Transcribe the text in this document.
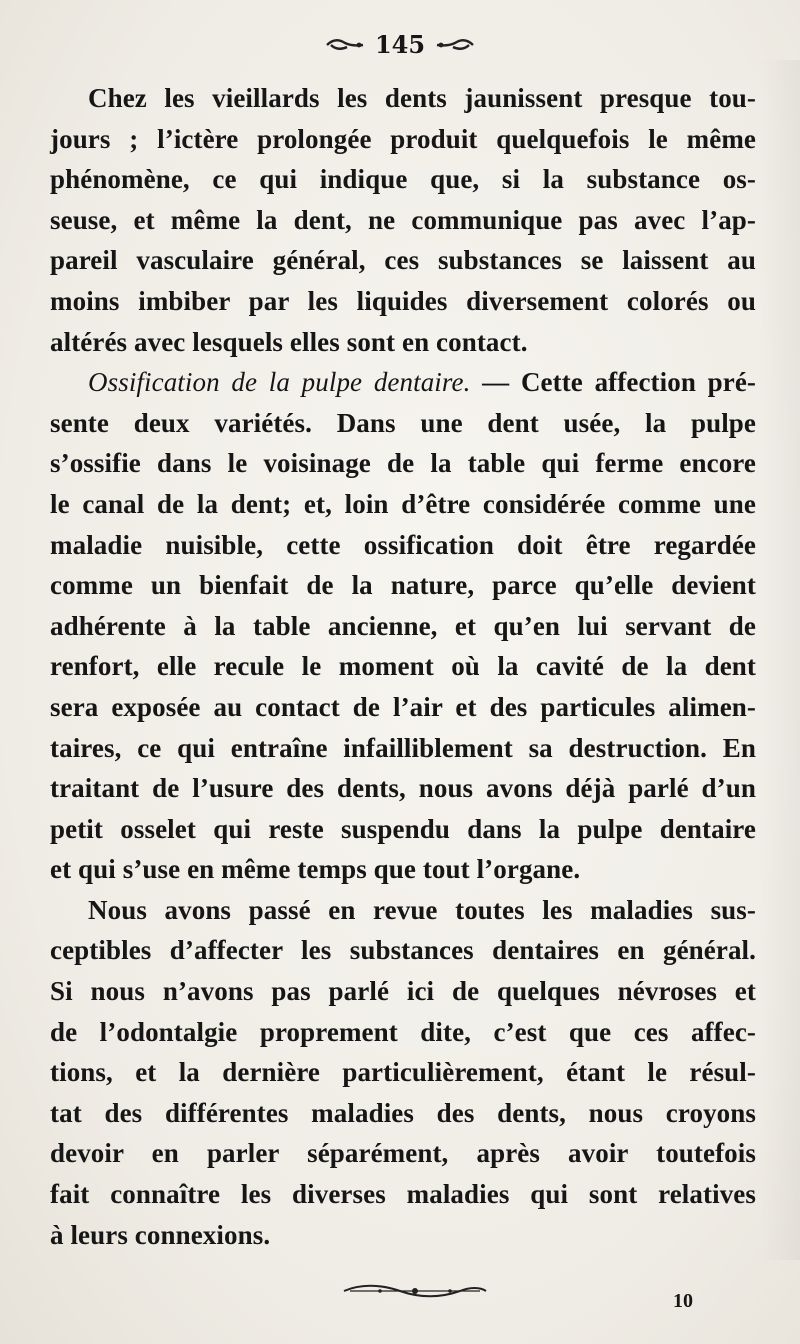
145
Chez les vieillards les dents jaunissent presque tou-
jours ; l’ictère prolongée produit quelquefois le même
phénomène, ce qui indique que, si la substance os-
seuse, et même la dent, ne communique pas avec l’ap-
pareil vasculaire général, ces substances se laissent au
moins imbiber par les liquides diversement colorés ou
altérés avec lesquels elles sont en contact.
Ossification de la pulpe dentaire. — Cette affection pré-
sente deux variétés. Dans une dent usée, la pulpe
s’ossifie dans le voisinage de la table qui ferme encore
le canal de la dent; et, loin d’être considérée comme une
maladie nuisible, cette ossification doit être regardée
comme un bienfait de la nature, parce qu’elle devient
adhérente à la table ancienne, et qu’en lui servant de
renfort, elle recule le moment où la cavité de la dent
sera exposée au contact de l’air et des particules alimen-
taires, ce qui entraîne infailliblement sa destruction. En
traitant de l’usure des dents, nous avons déjà parlé d’un
petit osselet qui reste suspendu dans la pulpe dentaire
et qui s’use en même temps que tout l’organe.
Nous avons passé en revue toutes les maladies sus-
ceptibles d’affecter les substances dentaires en général.
Si nous n’avons pas parlé ici de quelques névroses et
de l’odontalgie proprement dite, c’est que ces affec-
tions, et la dernière particulièrement, étant le résul-
tat des différentes maladies des dents, nous croyons
devoir en parler séparément, après avoir toutefois
fait connaître les diverses maladies qui sont relatives
à leurs connexions.
10
